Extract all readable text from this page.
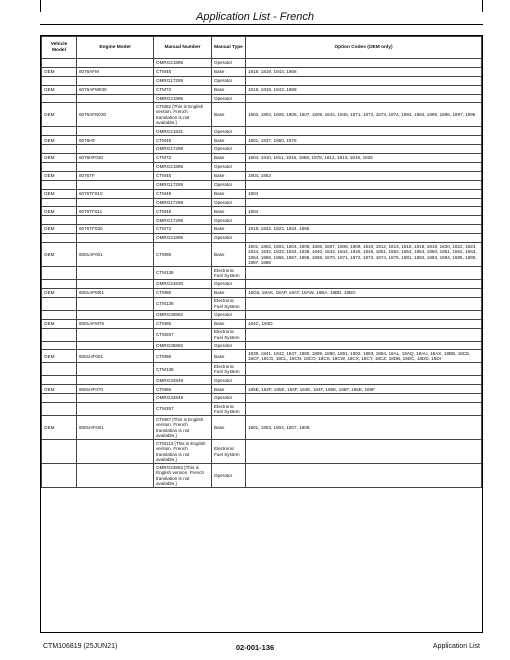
Application List - French
Vehicle Model	Engine Model	Manual Number	Manual Type	Option Codes (OEM only)
		OMRG21895	Operator	
OEM	6076AFM	CTM48	Base	1818, 1819, 1843, 1868
		OMRG17289	Operator	
OEM	6076AFM030	CTM73	Base	1818, 1819, 1843, 1868
		OMRG21895	Operator	
OEM	6076AFN030	CTM82 [This is English version. French translation is not available.]	Base	1803, 1804, 1805, 1806, 1807, 1809, 1844, 1845, 1871, 1872, 1873, 1874, 1893, 1894, 1895, 1896, 1897, 1898
		OMRG21831	Operator	
OEM	6076HF	CTM48	Base	1801, 1837, 1850, 1878
		OMRG17289	Operator	
OEM	6076HF030	CTM73	Base	1804, 1810, 1811, 1816, 1858, 1878, 1812, 1813, 1815, 1826
		OMRG21895	Operator	
OEM	6076TF	CTM48	Base	1804, 1852
		OMRG17289	Operator	
OEM	6076TF010	CTM48	Base	1804
		OMRG17289	Operator	
OEM	6076TF011	CTM48	Base	1804
		OMRG17289	Operator	
OEM	6076TF030	CTM73	Base	1818, 1822, 1823, 1844, 1865
		OMRG21895	Operator	
OEM	6081AF001	CTM86	Base	1801, 1802, 1803, 1804, 1805, 1806, 1807, 1808, 1809, 1810, 1812, 1813, 1815, 1818, 1819, 1820, 1822, 1823, 1824, 1832, 1833, 1834, 1838, 1840, 1843, 1844, 1845, 1848, 1851, 1852, 1853, 1854, 1860, 1861, 1862, 1863, 1864, 1865, 1866, 1867, 1868, 1869, 1870, 1871, 1872, 1873, 1874, 1875, 1881, 1882, 1883, 1884, 1885, 1886, 1887, 1888
		CTM138	Electronic Fuel System	
		OMRG24830	Operator	
OEM	6081AFM01	CTM86	Base	18G6, 18AK, 18AP, 18AT, 18AW, 18BA, 18BD, 18BG
		CTM138	Electronic Fuel System	
		OMRG35882	Operator	
OEM	6081AFM75	CTM86	Base	184C, 184D
		CTM257	Electronic Fuel System	
		OMRG35882	Operator	
OEM	6081HF001	CTM86	Base	1839, 1841, 1842, 1847, 1880, 1889, 1890, 1891, 1892, 1893, 1894, 18AL, 18AQ, 18AU, 18AX, 18BB, 18CE, 18CF, 18CG, 18CL, 18CN, 18CO, 18CS, 18CW, 18CX, 18CY, 18CZ, 18DB, 18DC, 18DD, 18DI
		CTM138	Electronic Fuel System	
		OMRG34949	Operator	
OEM	6081HF070	CTM86	Base	185E, 182F, 185E, 183F, 184E, 184F, 185E, 185F, 186E, 186F
		OMRG34949	Operator	
		CTM257	Electronic Fuel System	
OEM	6081HFN01	CTM87 [This is English version. French translation is not available.]	Base	1801, 1803, 1804, 1807, 1808,
		CTM113 [This is English version. French translation is not available.]	Electronic Fuel System	
		OMRG23852 [This is English version. French translation is not available.]	Operator	
CTM106819 (25JUN21)	02-001-136	Application List
